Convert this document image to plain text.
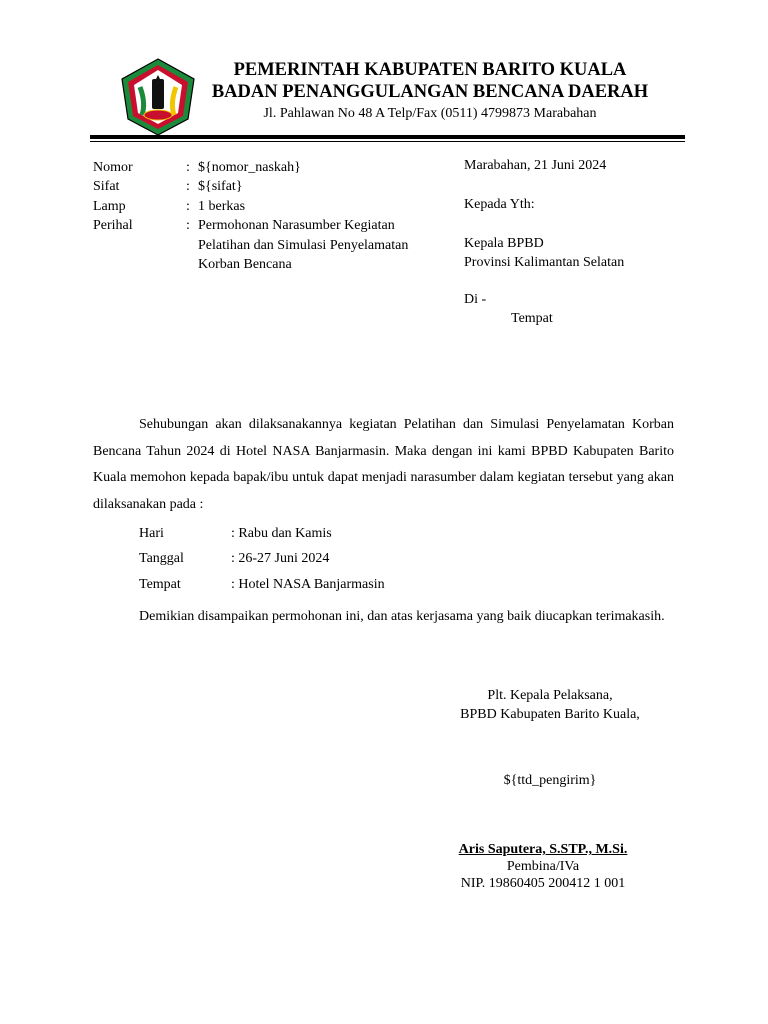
PEMERINTAH KABUPATEN BARITO KUALA
BADAN PENANGGULANGAN BENCANA DAERAH
Jl. Pahlawan No 48 A Telp/Fax (0511) 4799873 Marabahan
Nomor	: ${nomor_naskah}
Sifat	: ${sifat}
Lamp	: 1 berkas
Perihal	: Permohonan Narasumber Kegiatan
Pelatihan dan Simulasi Penyelamatan
Korban Bencana
Marabahan, 21 Juni 2024
Kepada Yth:
Kepala BPBD
Provinsi Kalimantan Selatan
Di -
Tempat
Sehubungan akan dilaksanakannya kegiatan Pelatihan dan Simulasi Penyelamatan Korban Bencana Tahun 2024 di Hotel NASA Banjarmasin. Maka dengan ini kami BPBD Kabupaten Barito Kuala memohon kepada bapak/ibu untuk dapat menjadi narasumber dalam kegiatan tersebut yang akan dilaksanakan pada :
Hari	: Rabu dan Kamis
Tanggal	: 26-27 Juni 2024
Tempat	: Hotel NASA Banjarmasin
Demikian disampaikan permohonan ini, dan atas kerjasama yang baik diucapkan terimakasih.
Plt. Kepala Pelaksana,
BPBD Kabupaten Barito Kuala,
${ttd_pengirim}
Aris Saputera, S.STP., M.Si.
Pembina/IVa
NIP. 19860405 200412 1 001
